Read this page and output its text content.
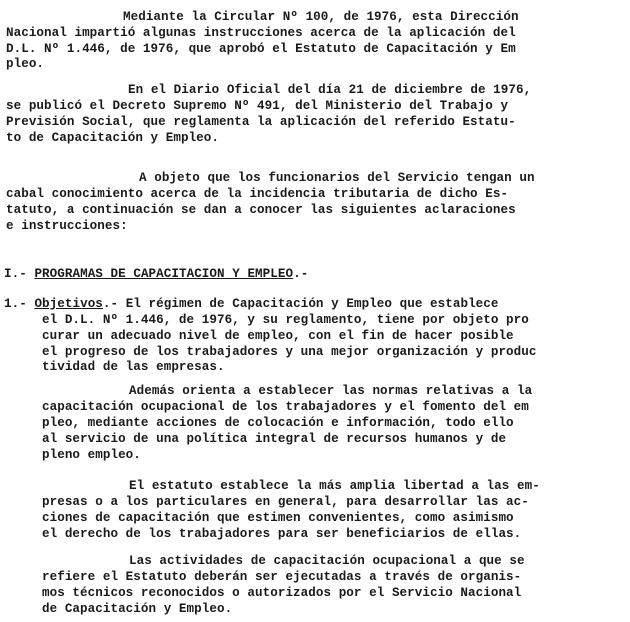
Mediante la Circular Nº 100, de 1976, esta Dirección
Nacional impartió algunas instrucciones acerca de la aplicación del
D.L. Nº 1.446, de 1976, que aprobó el Estatuto de Capacitación y Em
pleo.
En el Diario Oficial del día 21 de diciembre de 1976,
se publicó el Decreto Supremo Nº 491, del Ministerio del Trabajo y
Previsión Social, que reglamenta la aplicación del referido Estatu-
to de Capacitación y Empleo.
A objeto que los funcionarios del Servicio tengan un
cabal conocimiento acerca de la incidencia tributaria de dicho Es-
tatuto, a continuación se dan a conocer las siguientes aclaraciones
e instrucciones:
I.- PROGRAMAS DE CAPACITACION Y EMPLEO.-
1.- Objetivos.- El régimen de Capacitación y Empleo que establece
el D.L. Nº 1.446, de 1976, y su reglamento, tiene por objeto pro
curar un adecuado nivel de empleo, con el fin de hacer posible
el progreso de los trabajadores y una mejor organización y produc
tividad de las empresas.
Además orienta a establecer las normas relativas a la
capacitación ocupacional de los trabajadores y el fomento del em
pleo, mediante acciones de colocación e información, todo ello
al servicio de una política integral de recursos humanos y de
pleno empleo.
El estatuto establece la más amplia libertad a las em-
presas o a los particulares en general, para desarrollar las ac-
ciones de capacitación que estimen convenientes, como asimismo
el derecho de los trabajadores para ser beneficiarios de ellas.
Las actividades de capacitación ocupacional a que se
refiere el Estatuto deberán ser ejecutadas a través de organis-
mos técnicos reconocidos o autorizados por el Servicio Nacional
de Capacitación y Empleo.
